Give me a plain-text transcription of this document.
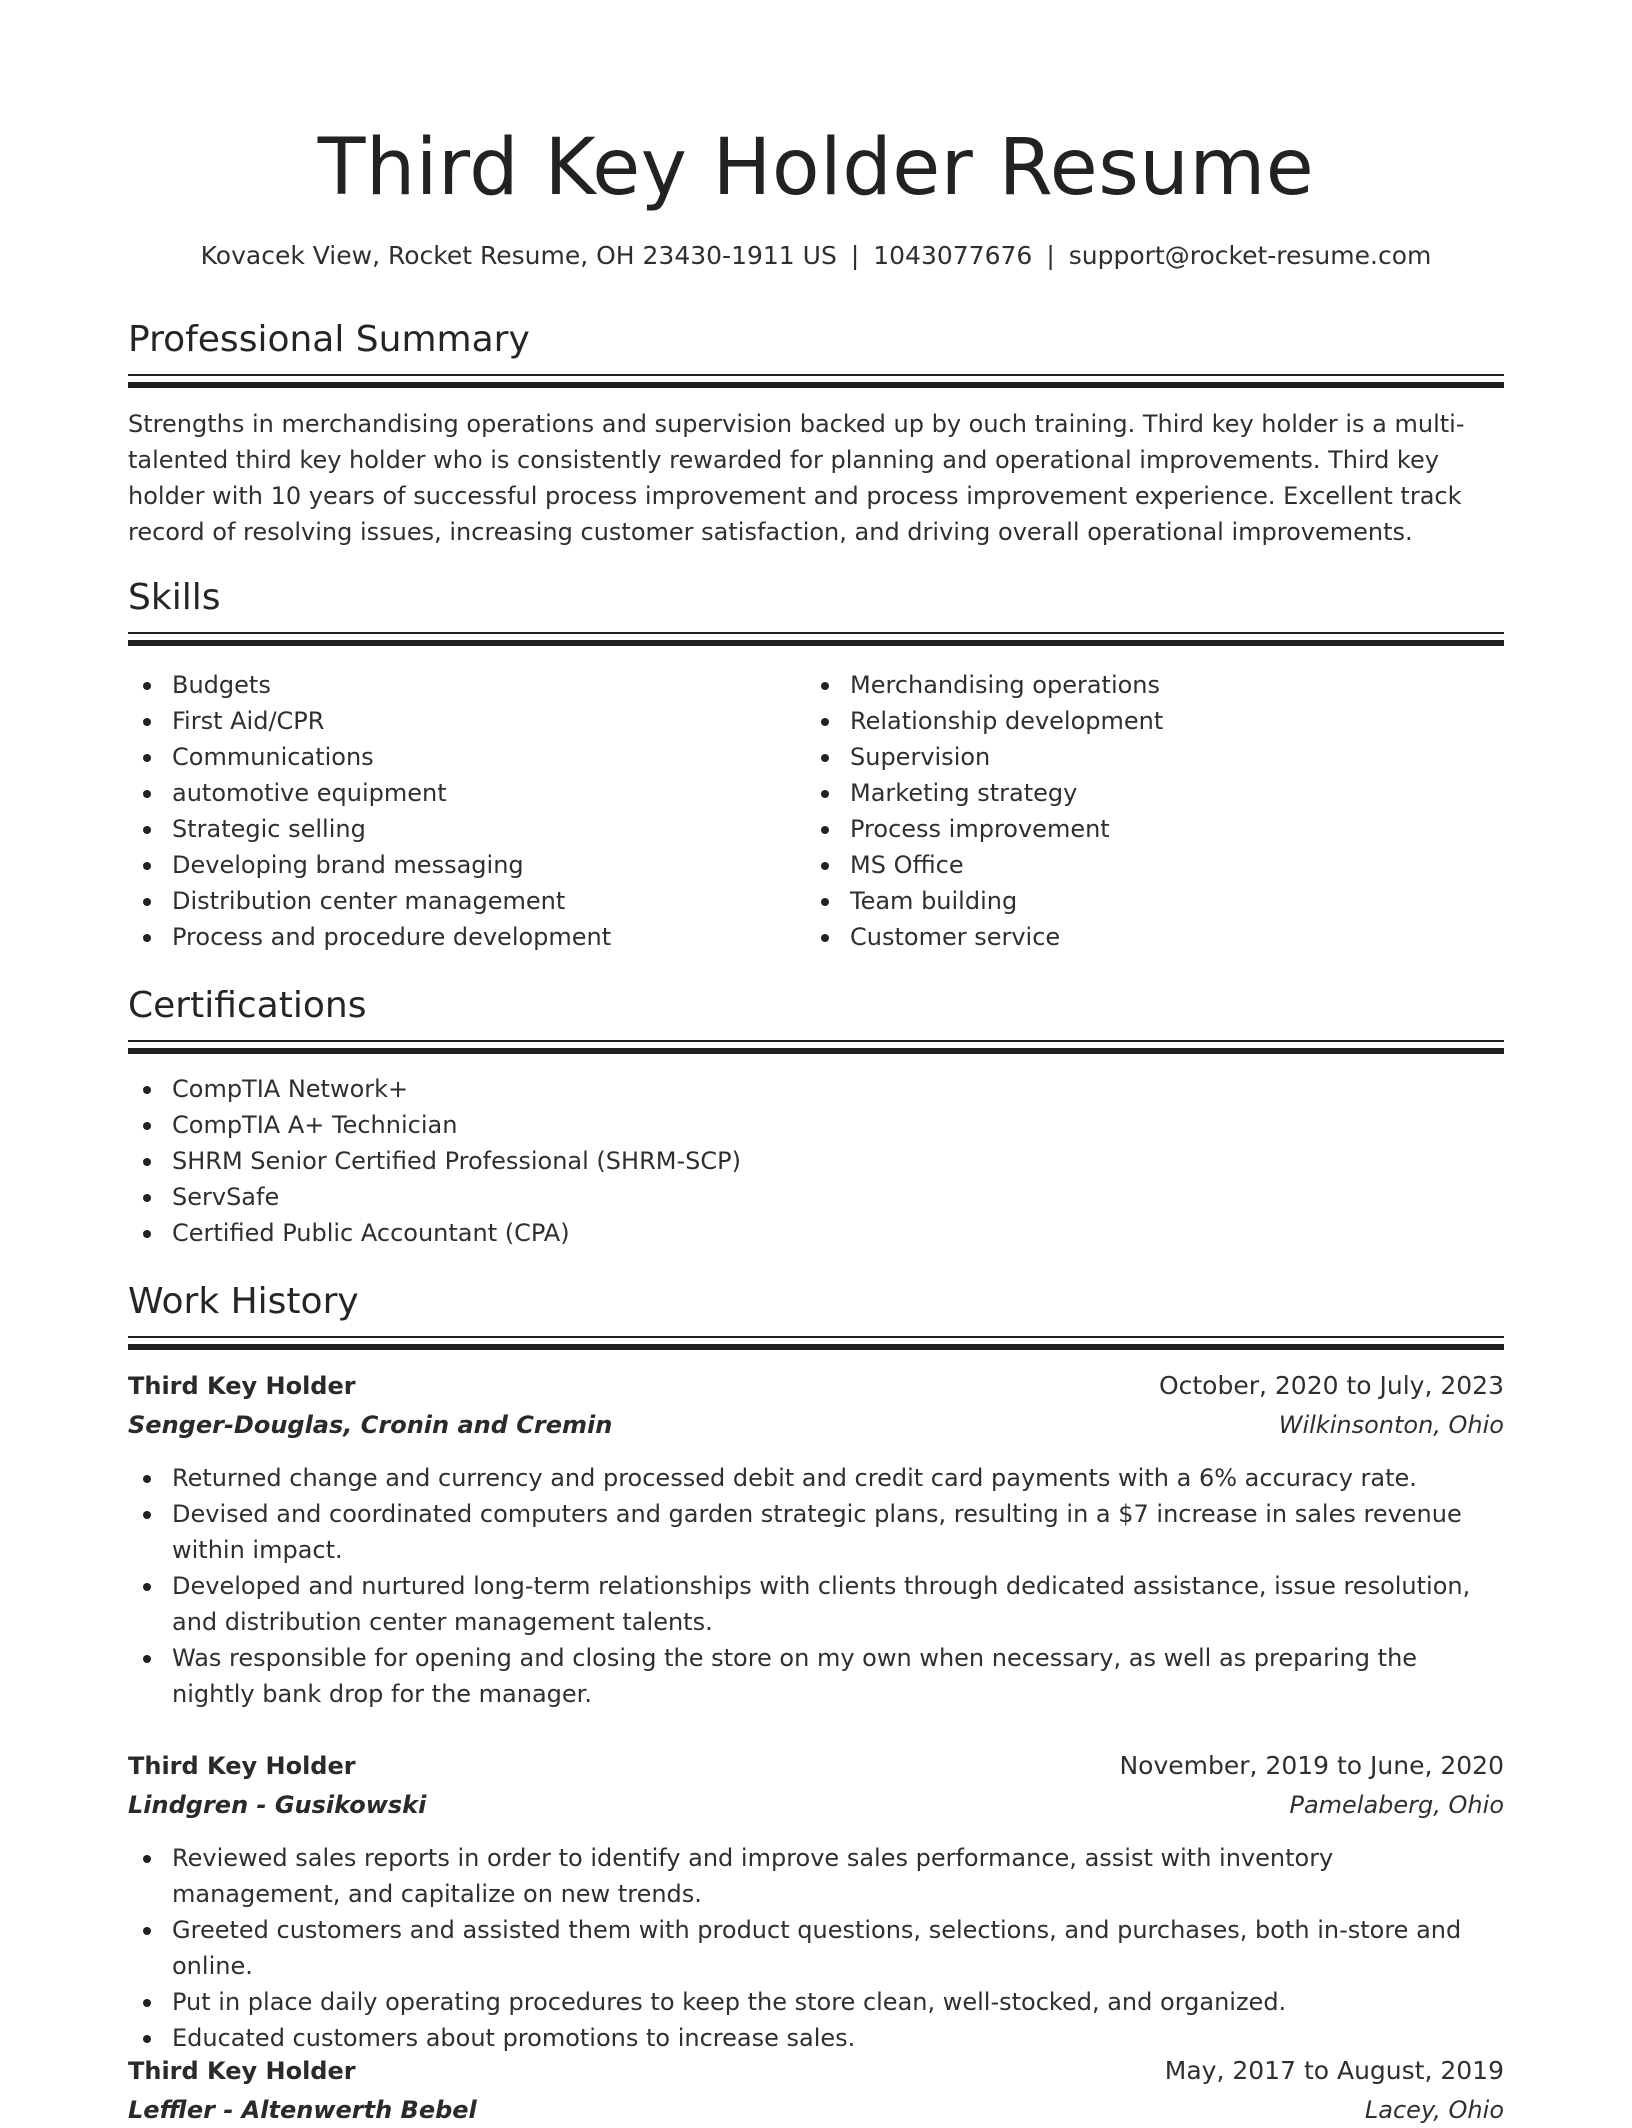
Third Key Holder Resume
Kovacek View, Rocket Resume, OH 23430-1911 US | 1043077676 | support@rocket-resume.com
Professional Summary
Strengths in merchandising operations and supervision backed up by ouch training. Third key holder is a multi-talented third key holder who is consistently rewarded for planning and operational improvements. Third key holder with 10 years of successful process improvement and process improvement experience. Excellent track record of resolving issues, increasing customer satisfaction, and driving overall operational improvements.
Skills
Budgets
First Aid/CPR
Communications
automotive equipment
Strategic selling
Developing brand messaging
Distribution center management
Process and procedure development
Merchandising operations
Relationship development
Supervision
Marketing strategy
Process improvement
MS Office
Team building
Customer service
Certifications
CompTIA Network+
CompTIA A+ Technician
SHRM Senior Certified Professional (SHRM-SCP)
ServSafe
Certified Public Accountant (CPA)
Work History
Third Key Holder	October, 2020 to July, 2023
Senger-Douglas, Cronin and Cremin	Wilkinsonton, Ohio
Returned change and currency and processed debit and credit card payments with a 6% accuracy rate.
Devised and coordinated computers and garden strategic plans, resulting in a $7 increase in sales revenue within impact.
Developed and nurtured long-term relationships with clients through dedicated assistance, issue resolution, and distribution center management talents.
Was responsible for opening and closing the store on my own when necessary, as well as preparing the nightly bank drop for the manager.
Third Key Holder	November, 2019 to June, 2020
Lindgren - Gusikowski	Pamelaberg, Ohio
Reviewed sales reports in order to identify and improve sales performance, assist with inventory management, and capitalize on new trends.
Greeted customers and assisted them with product questions, selections, and purchases, both in-store and online.
Put in place daily operating procedures to keep the store clean, well-stocked, and organized.
Educated customers about promotions to increase sales.
Third Key Holder	May, 2017 to August, 2019
Leffler - Altenwerth Bebel	Lacey, Ohio
